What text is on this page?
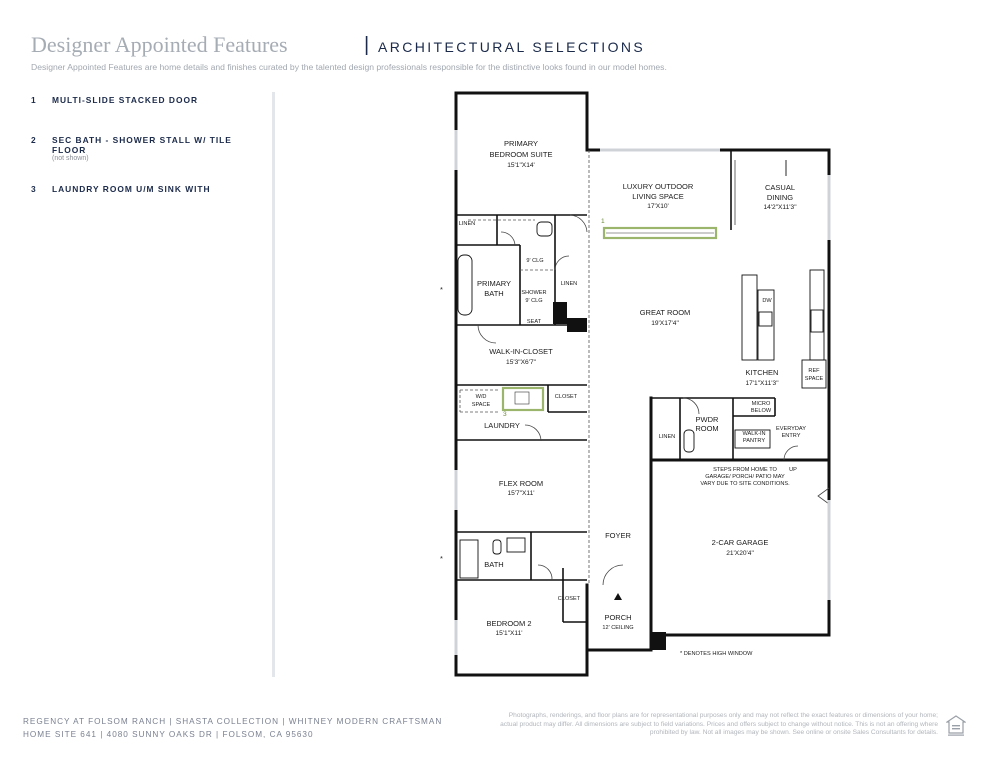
Designer Appointed Features	| ARCHITECTURAL SELECTIONS
Designer Appointed Features are home details and finishes curated by the talented design professionals responsible for the distinctive looks found in our model homes.
1 MULTI-SLIDE STACKED DOOR
2 SEC BATH - SHOWER STALL W/ TILE FLOOR
(not shown)
3 LAUNDRY ROOM U/M SINK WITH
PRIMARY
BEDROOM SUITE
15'1"X14'
LUXURY OUTDOOR
LIVING SPACE
17'X10'
CASUAL
DINING
14'2"X11'3"
PRIMARY
BATH
GREAT ROOM
19'X17'4"
WALK-IN-CLOSET
15'3"X6'7"
KITCHEN
17'1"X11'3"
LAUNDRY
PWDR
ROOM
FLEX ROOM
15'7"X11'
2-CAR GARAGE
21'X20'4"
FOYER
BATH
BEDROOM 2
15'1"X11'
PORCH
12' CEILING
LINEN
9' CLG
SHOWER
9' CLG
SEAT
LINEN
DW
REF
SPACE
W/D
SPACE
CLOSET
MICRO
BELOW
LINEN	WALK-IN
PANTRY
EVERYDAY
ENTRY
UP
CLOSET
STEPS FROM HOME TO
GARAGE/ PORCH/ PATIO MAY
VARY DUE TO SITE CONDITIONS.
* DENOTES HIGH WINDOW
1
3
*
*
REGENCY AT FOLSOM RANCH | SHASTA COLLECTION | WHITNEY MODERN CRAFTSMAN
HOME SITE 641 | 4080 SUNNY OAKS DR | FOLSOM, CA 95630
Photographs, renderings, and floor plans are for representational purposes only and may not reflect the exact features or dimensions of your home; actual product may differ. All dimensions are subject to field variations. Prices and offers subject to change without notice. This is not an offering where prohibited by law. Not all images may be shown. See online or onsite Sales Consultants for details.
